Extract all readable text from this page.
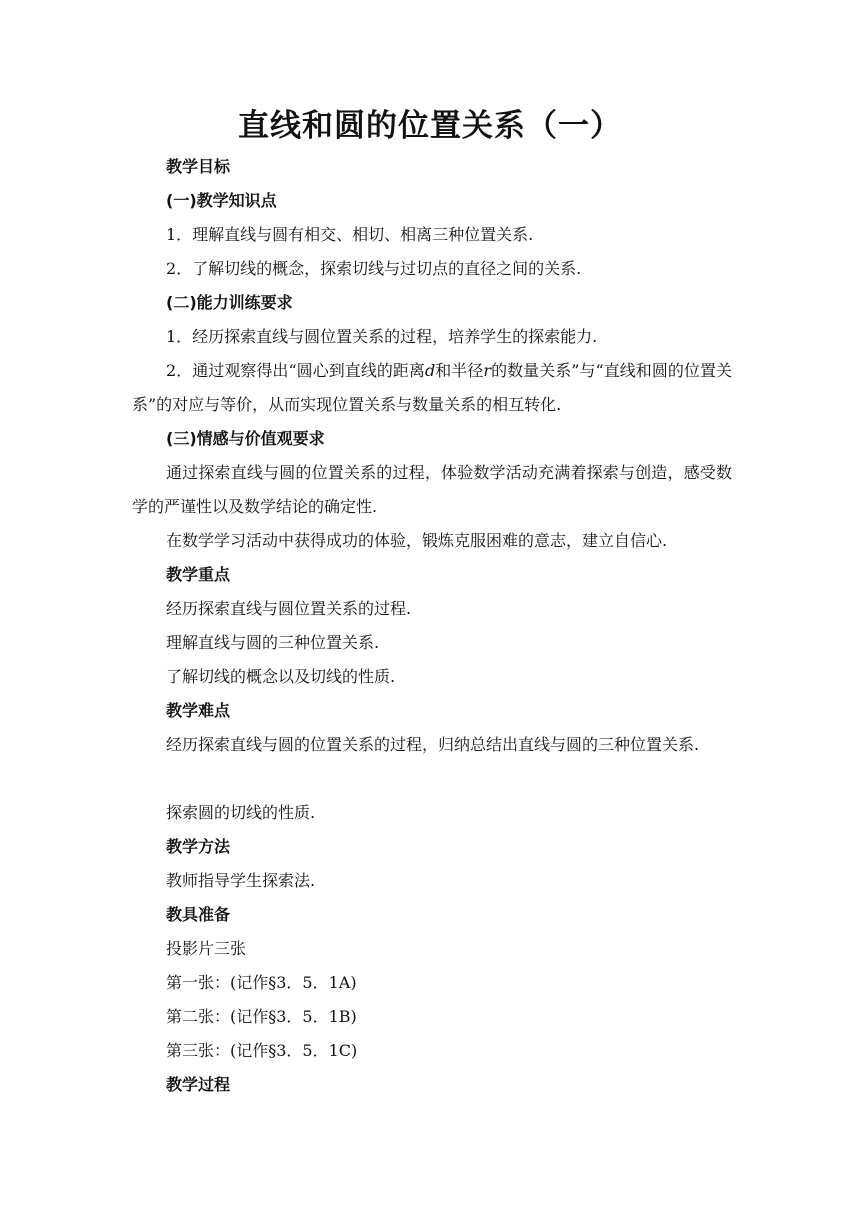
直线和圆的位置关系（一）
教学目标
(一)教学知识点
1．理解直线与圆有相交、相切、相离三种位置关系.
2．了解切线的概念，探索切线与过切点的直径之间的关系.
(二)能力训练要求
1．经历探索直线与圆位置关系的过程，培养学生的探索能力.

2．通过观察得出“圆心到直线的距离d和半径r的数量关系”与“直线和圆的位置关系”的对应与等价，从而实现位置关系与数量关系的相互转化.

(三)情感与价值观要求

通过探索直线与圆的位置关系的过程，体验数学活动充满着探索与创造，感受数学的严谨性以及数学结论的确定性.

在数学学习活动中获得成功的体验，锻炼克服困难的意志，建立自信心.
教学重点
经历探索直线与圆位置关系的过程.
理解直线与圆的三种位置关系.
了解切线的概念以及切线的性质.
教学难点

经历探索直线与圆的位置关系的过程，归纳总结出直线与圆的三种位置关系.

探索圆的切线的性质.
教学方法
教师指导学生探索法.
教具准备
投影片三张
第一张：(记作§3．5．1A)
第二张：(记作§3．5．1B)
第三张：(记作§3．5．1C)
教学过程
